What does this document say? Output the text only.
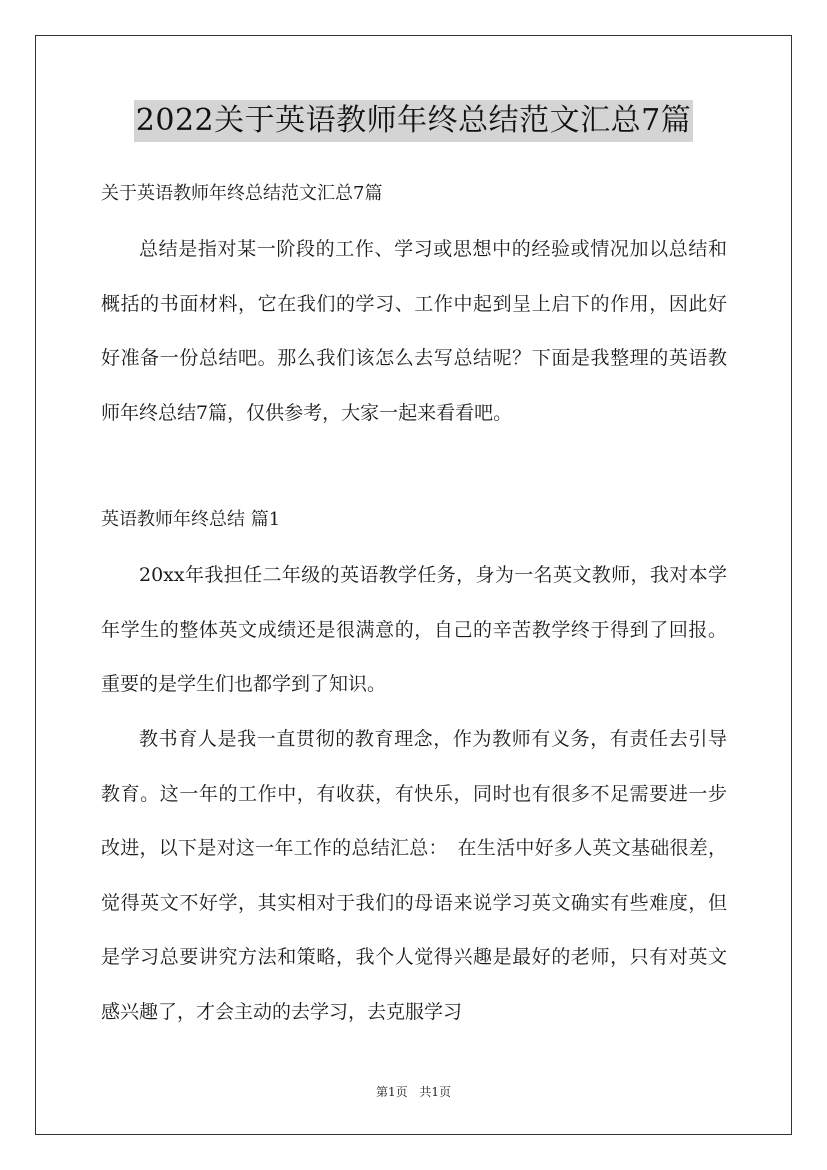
2022关于英语教师年终总结范文汇总7篇
关于英语教师年终总结范文汇总7篇

总结是指对某一阶段的工作、学习或思想中的经验或情况加以总结和概括的书面材料，它在我们的学习、工作中起到呈上启下的作用，因此好好准备一份总结吧。那么我们该怎么去写总结呢？下面是我整理的英语教师年终总结7篇，仅供参考，大家一起来看看吧。

英语教师年终总结 篇1

20xx年我担任二年级的英语教学任务，身为一名英文教师，我对本学年学生的整体英文成绩还是很满意的，自己的辛苦教学终于得到了回报。重要的是学生们也都学到了知识。

教书育人是我一直贯彻的教育理念，作为教师有义务，有责任去引导教育。这一年的工作中，有收获，有快乐，同时也有很多不足需要进一步改进，以下是对这一年工作的总结汇总：　在生活中好多人英文基础很差，觉得英文不好学，其实相对于我们的母语来说学习英文确实有些难度，但是学习总要讲究方法和策略，我个人觉得兴趣是最好的老师，只有对英文感兴趣了，才会主动的去学习，去克服学习

第1页 共1页
